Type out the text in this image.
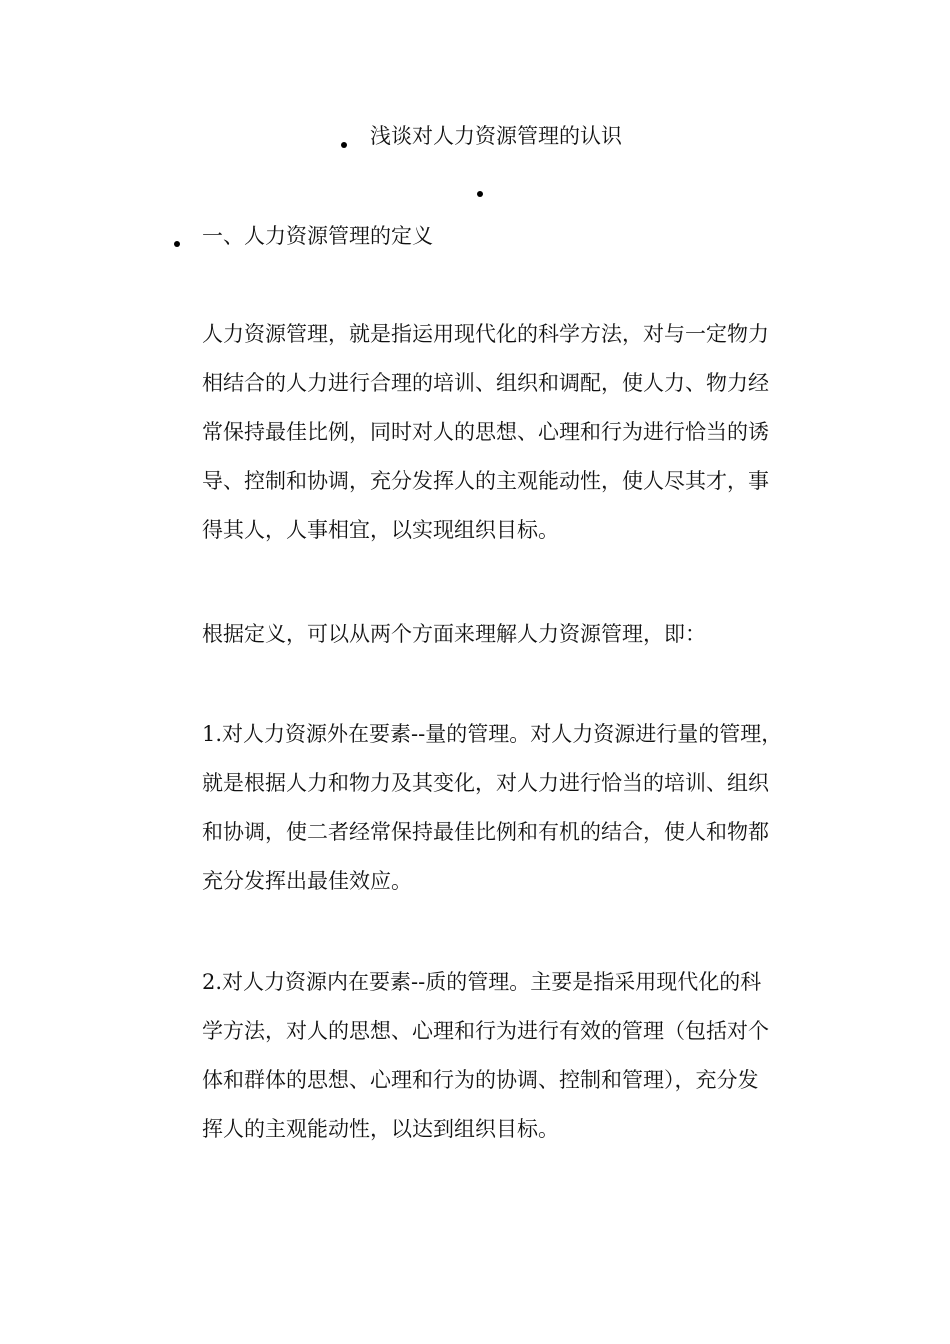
浅谈对人力资源管理的认识
一、人力资源管理的定义
人力资源管理，就是指运用现代化的科学方法，对与一定物力
相结合的人力进行合理的培训、组织和调配，使人力、物力经
常保持最佳比例，同时对人的思想、心理和行为进行恰当的诱
导、控制和协调，充分发挥人的主观能动性，使人尽其才，事
得其人，人事相宜，以实现组织目标。
根据定义，可以从两个方面来理解人力资源管理，即：
1.对人力资源外在要素--量的管理。对人力资源进行量的管理，
就是根据人力和物力及其变化，对人力进行恰当的培训、组织
和协调，使二者经常保持最佳比例和有机的结合，使人和物都
充分发挥出最佳效应。
2.对人力资源内在要素--质的管理。主要是指采用现代化的科
学方法，对人的思想、心理和行为进行有效的管理（包括对个
体和群体的思想、心理和行为的协调、控制和管理），充分发
挥人的主观能动性，以达到组织目标。
